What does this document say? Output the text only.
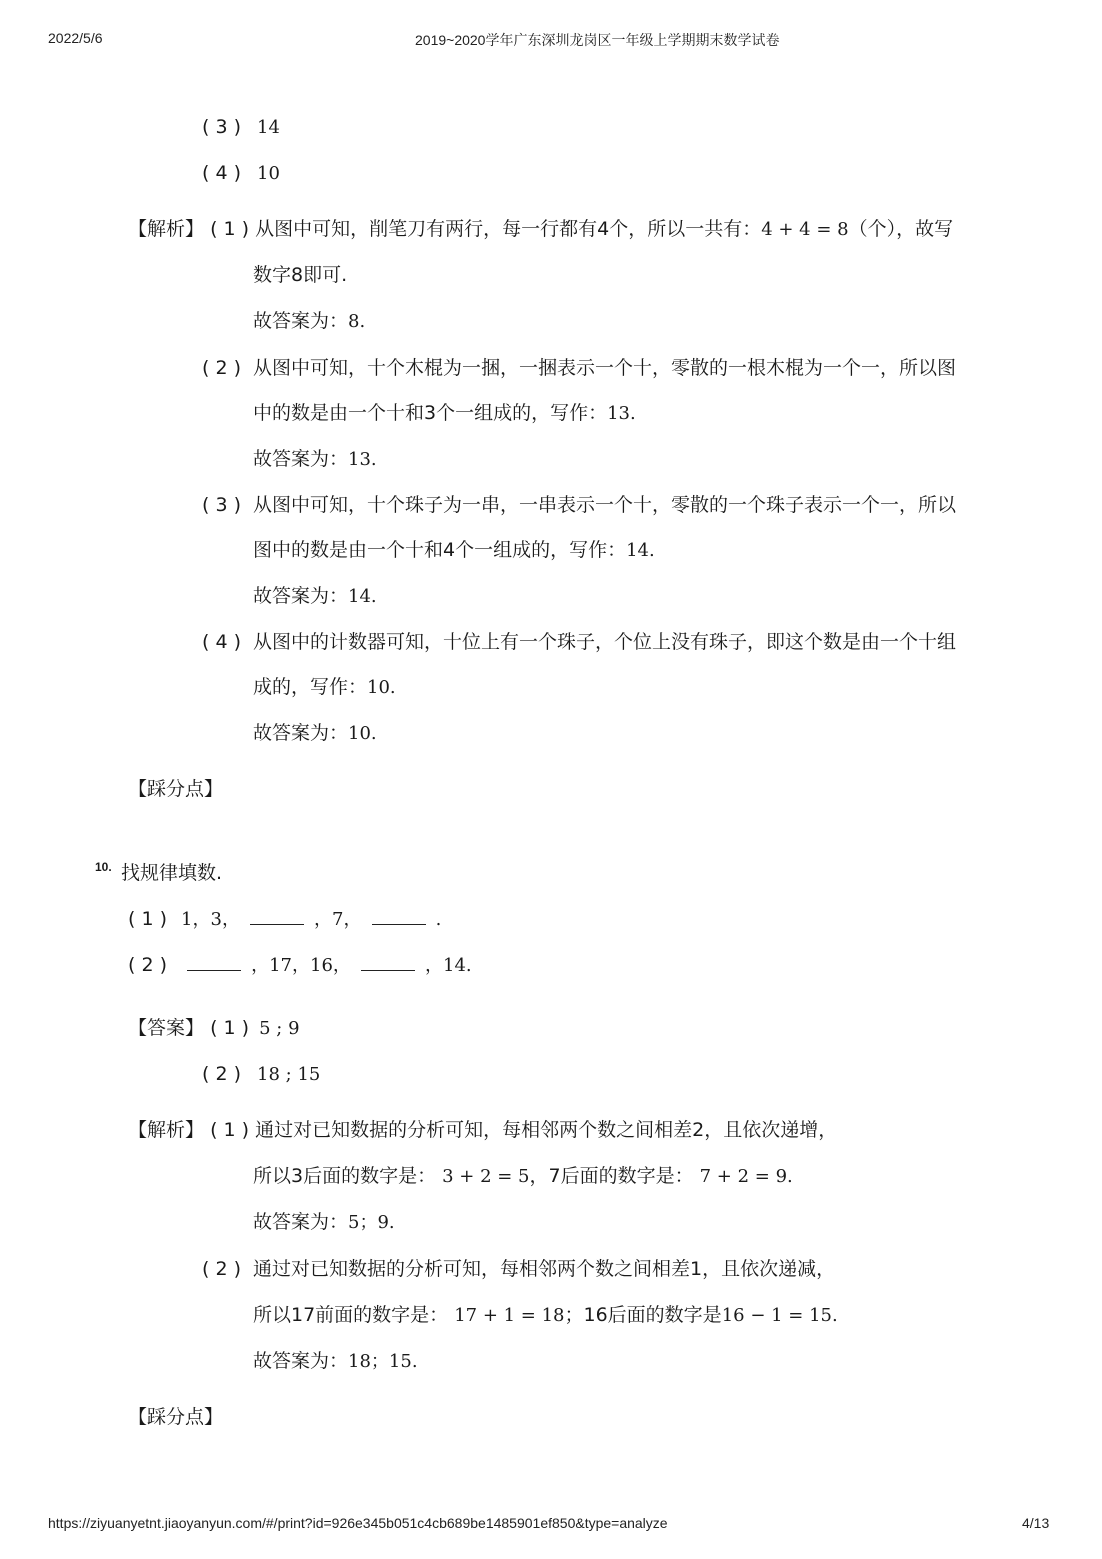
2022/5/6	2019~2020学年广东深圳龙岗区一年级上学期期末数学试卷
( 3 ) 14
( 4 ) 10
【解析】 ( 1 ) 从图中可知，削笔刀有两行，每一行都有4个，所以一共有：4 + 4 = 8（个），故写
数字8即可.
故答案为：8.
( 2 ) 从图中可知，十个木棍为一捆，一捆表示一个十，零散的一根木棍为一个一，所以图
中的数是由一个十和3个一组成的，写作：13.
故答案为：13.
( 3 ) 从图中可知，十个珠子为一串，一串表示一个十，零散的一个珠子表示一个一，所以
图中的数是由一个十和4个一组成的，写作：14.
故答案为：14.
( 4 ) 从图中的计数器可知，十位上有一个珠子，个位上没有珠子，即这个数是由一个十组
成的，写作：10.
故答案为：10.
【踩分点】
10. 找规律填数.
( 1 ) 1，3，	，7，	.
( 2 )	，17，16，	，14.
【答案】 ( 1 ) 5 ; 9
( 2 ) 18 ; 15
【解析】 ( 1 ) 通过对已知数据的分析可知，每相邻两个数之间相差2，且依次递增，
所以3后面的数字是： 3 + 2 = 5，7后面的数字是： 7 + 2 = 9.
故答案为：5；9.
( 2 ) 通过对已知数据的分析可知，每相邻两个数之间相差1，且依次递减，
所以17前面的数字是： 17 + 1 = 18；16后面的数字是16 − 1 = 15.
故答案为：18；15.
【踩分点】
https://ziyuanyetnt.jiaoyanyun.com/#/print?id=926e345b051c4cb689be1485901ef850&type=analyze	4/13
